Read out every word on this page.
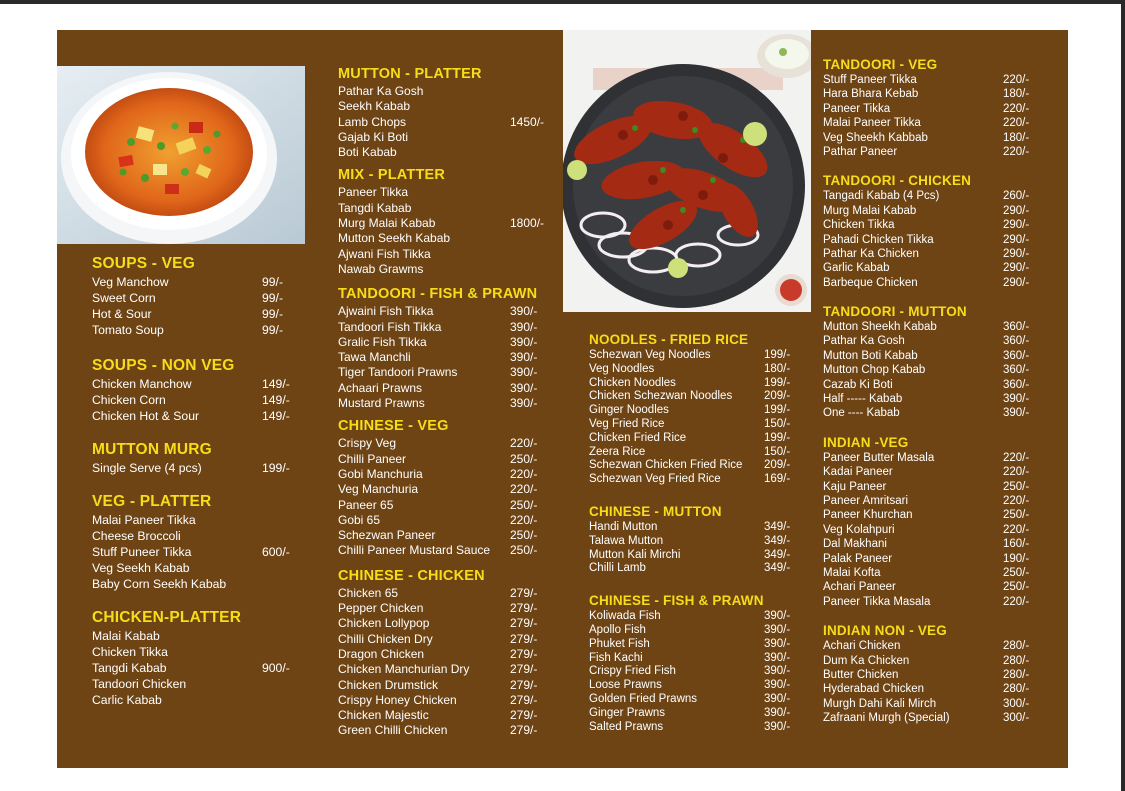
SOUPS - VEG
Veg Manchow	99/-
Sweet Corn	99/-
Hot & Sour	99/-
Tomato Soup	99/-
SOUPS - NON VEG
Chicken Manchow	149/-
Chicken Corn	149/-
Chicken Hot & Sour	149/-
MUTTON MURG
Single Serve (4 pcs)	199/-
VEG - PLATTER
Malai Paneer Tikka
Cheese Broccoli
Stuff Puneer Tikka	600/-
Veg Seekh Kabab
Baby Corn Seekh Kabab
CHICKEN-PLATTER
Malai Kabab
Chicken Tikka
Tangdi Kabab	900/-
Tandoori Chicken
Carlic Kabab
MUTTON - PLATTER
Pathar Ka Gosh
Seekh Kabab
Lamb Chops	1450/-
Gajab Ki Boti
Boti Kabab
MIX - PLATTER
Paneer Tikka
Tangdi Kabab
Murg Malai Kabab	1800/-
Mutton Seekh Kabab
Ajwani Fish Tikka
Nawab Grawms
TANDOORI - FISH & PRAWN
Ajwaini Fish Tikka	390/-
Tandoori Fish Tikka	390/-
Gralic Fish Tikka	390/-
Tawa Manchli	390/-
Tiger Tandoori Prawns	390/-
Achaari Prawns	390/-
Mustard Prawns	390/-
CHINESE - VEG
Crispy Veg	220/-
Chilli Paneer	250/-
Gobi Manchuria	220/-
Veg Manchuria	220/-
Paneer 65	250/-
Gobi 65	220/-
Schezwan Paneer	250/-
Chilli Paneer Mustard Sauce 250/-
CHINESE - CHICKEN
Chicken 65	279/-
Pepper Chicken	279/-
Chicken Lollypop	279/-
Chilli Chicken Dry	279/-
Dragon Chicken	279/-
Chicken Manchurian Dry	279/-
Chicken Drumstick	279/-
Crispy Honey Chicken	279/-
Chicken Majestic	279/-
Green Chilli Chicken	279/-
NOODLES - FRIED RICE
Schezwan Veg Noodles	199/-
Veg Noodles	180/-
Chicken Noodles	199/-
Chicken Schezwan Noodles	209/-
Ginger Noodles	199/-
Veg Fried Rice	150/-
Chicken Fried Rice	199/-
Zeera Rice	150/-
Schezwan Chicken Fried Rice 209/-
Schezwan Veg Fried Rice	169/-
CHINESE - MUTTON
Handi Mutton	349/-
Talawa Mutton	349/-
Mutton Kali Mirchi	349/-
Chilli Lamb	349/-
CHINESE - FISH & PRAWN
Koliwada Fish	390/-
Apollo Fish	390/-
Phuket Fish	390/-
Fish Kachi	390/-
Crispy Fried Fish	390/-
Loose Prawns	390/-
Golden Fried Prawns	390/-
Ginger Prawns	390/-
Salted Prawns	390/-
TANDOORI - VEG
Stuff Paneer Tikka	220/-
Hara Bhara Kebab	180/-
Paneer Tikka	220/-
Malai Paneer Tikka	220/-
Veg Sheekh Kabbab	180/-
Pathar Paneer	220/-
TANDOORI - CHICKEN
Tangadi Kabab (4 Pcs)	260/-
Murg Malai Kabab	290/-
Chicken Tikka	290/-
Pahadi Chicken Tikka	290/-
Pathar Ka Chicken	290/-
Garlic Kabab	290/-
Barbeque Chicken	290/-
TANDOORI - MUTTON
Mutton Sheekh Kabab	360/-
Pathar Ka Gosh	360/-
Mutton Boti Kabab	360/-
Mutton Chop Kabab	360/-
Cazab Ki Boti	360/-
Half ----- Kabab	390/-
One ---- Kabab	390/-
INDIAN -VEG
Paneer Butter Masala	220/-
Kadai Paneer	220/-
Kaju Paneer	250/-
Paneer Amritsari	220/-
Paneer Khurchan	250/-
Veg Kolahpuri	220/-
Dal Makhani	160/-
Palak Paneer	190/-
Malai Kofta	250/-
Achari Paneer	250/-
Paneer Tikka Masala	220/-
INDIAN NON - VEG
Achari Chicken	280/-
Dum Ka Chicken	280/-
Butter Chicken	280/-
Hyderabad Chicken	280/-
Murgh Dahi Kali Mirch	300/-
Zafraani Murgh (Special)	300/-
